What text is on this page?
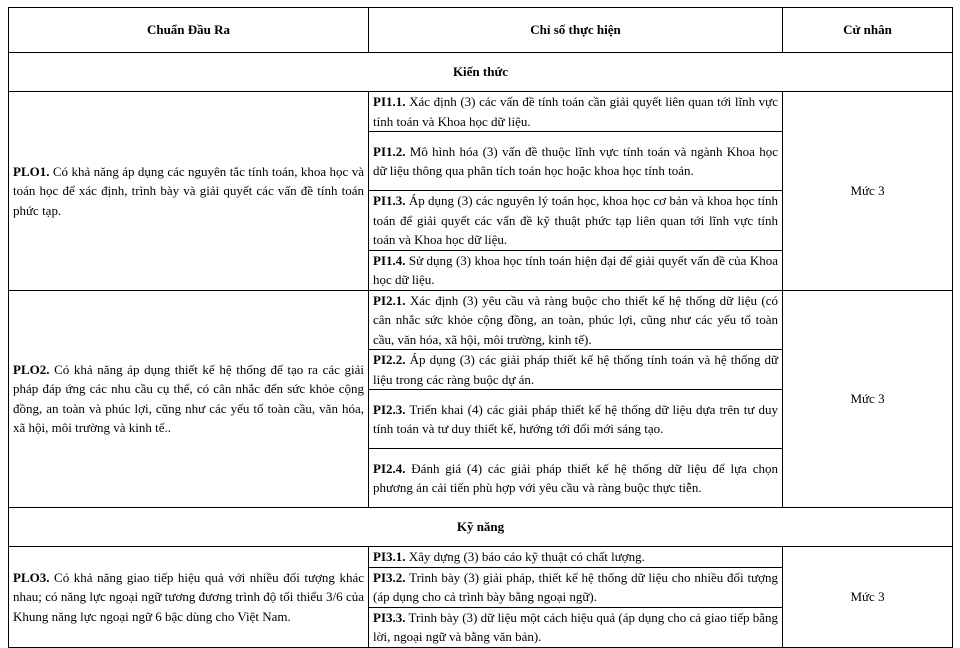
Chuẩn Đầu Ra	Chỉ số thực hiện	Cử nhân
Kiến thức		
PLO1. Có khả năng áp dụng các nguyên tắc tính toán, khoa học và toán học để xác định, trình bày và giải quyết các vấn đề tính toán phức tạp.	PI1.1. Xác định (3) các vấn đề tính toán cần giải quyết liên quan tới lĩnh vực tính toán và Khoa học dữ liệu.	Mức 3
	PI1.2. Mô hình hóa (3) vấn đề thuộc lĩnh vực tính toán và ngành Khoa học dữ liệu thông qua phân tích toán học hoặc khoa học tính toán.	
	PI1.3. Áp dụng (3) các nguyên lý toán học, khoa học cơ bản và khoa học tính toán để giải quyết các vấn đề kỹ thuật phức tạp liên quan tới lĩnh vực tính toán và Khoa học dữ liệu.	
	PI1.4. Sử dụng (3) khoa học tính toán hiện đại để giải quyết vấn đề của Khoa học dữ liệu.	
PLO2. Có khả năng áp dụng thiết kế hệ thống để tạo ra các giải pháp đáp ứng các nhu cầu cụ thể, có cân nhắc đến sức khỏe cộng đồng, an toàn và phúc lợi, cũng như các yếu tố toàn cầu, văn hóa, xã hội, môi trường và kinh tế..	PI2.1. Xác định (3) yêu cầu và ràng buộc cho thiết kế hệ thống dữ liệu (có cân nhắc sức khỏe cộng đồng, an toàn, phúc lợi, cũng như các yếu tố toàn cầu, văn hóa, xã hội, môi trường, kinh tế).	Mức 3
	PI2.2. Áp dụng (3) các giải pháp thiết kế hệ thống tính toán và hệ thống dữ liệu trong các ràng buộc dự án.	
	PI2.3. Triển khai (4) các giải pháp thiết kế hệ thống dữ liệu dựa trên tư duy tính toán và tư duy thiết kế, hướng tới đổi mới sáng tạo.	
	PI2.4. Đánh giá (4) các giải pháp thiết kế hệ thống dữ liệu để lựa chọn phương án cải tiến phù hợp với yêu cầu và ràng buộc thực tiễn.	
Kỹ năng		
PLO3. Có khả năng giao tiếp hiệu quả với nhiều đối tượng khác nhau; có năng lực ngoại ngữ tương đương trình độ tối thiểu 3/6 của Khung năng lực ngoại ngữ 6 bậc dùng cho Việt Nam.	PI3.1. Xây dựng (3) báo cáo kỹ thuật có chất lượng.	Mức 3
	PI3.2. Trình bày (3) giải pháp, thiết kế hệ thống dữ liệu cho nhiều đối tượng (áp dụng cho cả trình bày bằng ngoại ngữ).	
	PI3.3. Trình bày (3) dữ liệu một cách hiệu quả (áp dụng cho cả giao tiếp bằng lời, ngoại ngữ và bằng văn bản).	
